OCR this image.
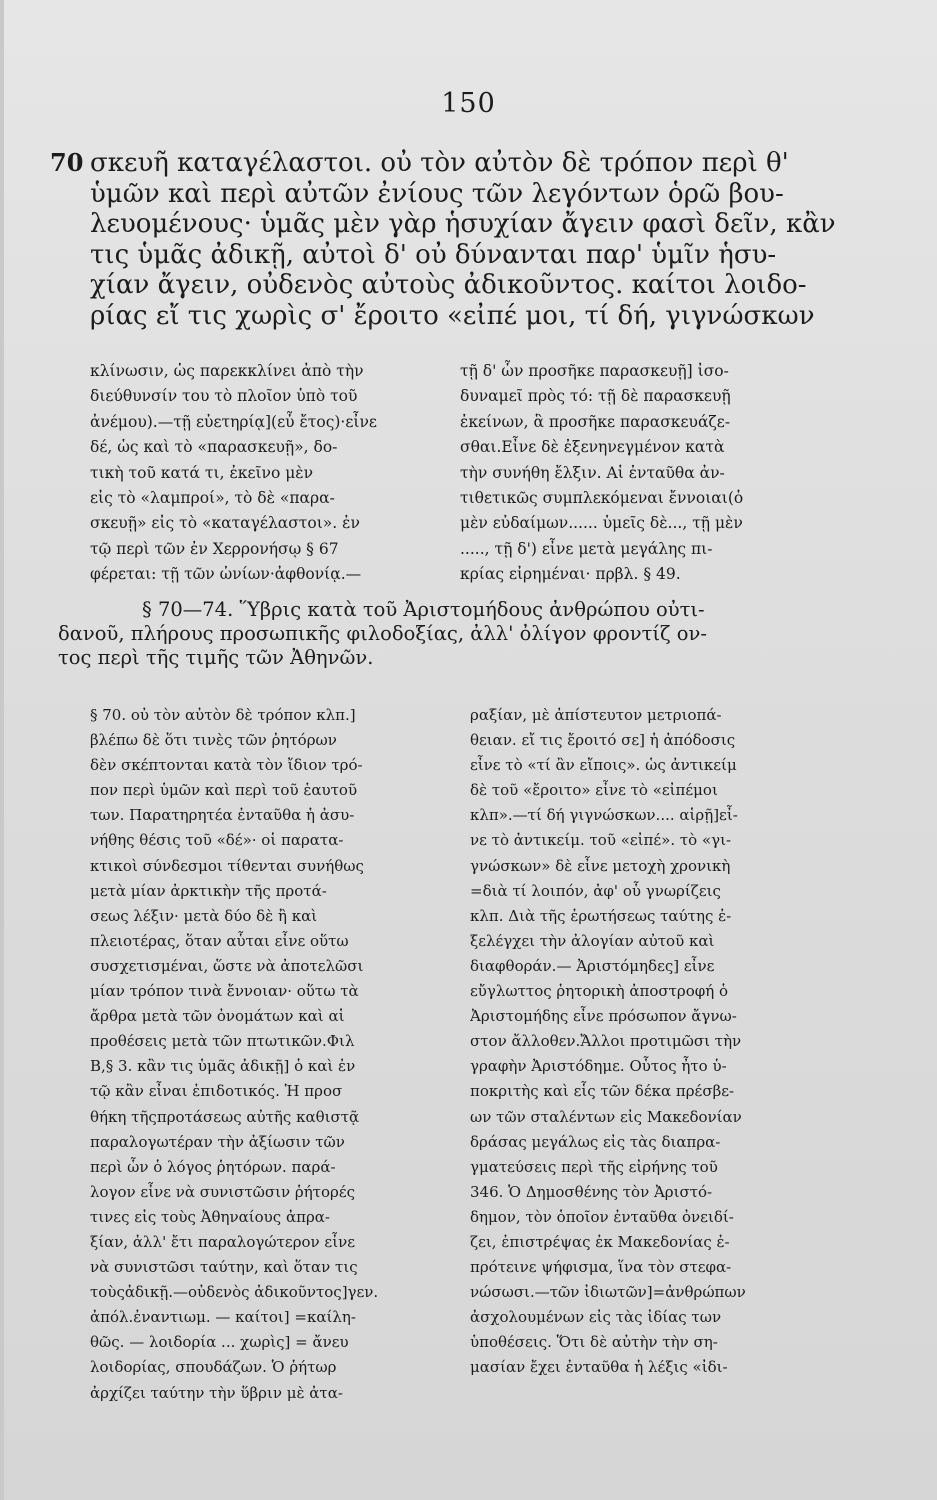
150
70 σκευῆ καταγέλαστοι. οὐ τὸν αὐτὸν δὲ τρόπον περὶ θ'
ὑμῶν καὶ περὶ αὐτῶν ἐνίους τῶν λεγόντων ὁρῶ βου-
λευομένους· ὑμᾶς μὲν γὰρ ἡσυχίαν ἄγειν φασὶ δεῖν, κἂν
τις ὑμᾶς ἀδικῇ, αὐτοὶ δ' οὐ δύνανται παρ' ὑμῖν ἡσυ-
χίαν ἄγειν, οὐδενὸς αὐτοὺς ἀδικοῦντος. καίτοι λοιδο-
ρίας εἴ τις χωρὶς σ' ἔροιτο «εἰπέ μοι, τί δή, γιγνώσκων
κλίνωσιν, ὡς παρεκκλίνει ἀπὸ τὴν
διεύθυνσίν του τὸ πλοῖον ὑπὸ τοῦ
ἀνέμου).—τῇ εὐετηρίᾳ](εὖ ἔτος)·εἶνε
δέ, ὡς καὶ τὸ «παρασκευῇ», δο-
τικὴ τοῦ κατά τι, ἐκεῖνο μὲν
εἰς τὸ «λαμπροί», τὸ δὲ «παρα-
σκευῇ» εἰς τὸ «καταγέλαστοι». ἐν
τῷ περὶ τῶν ἐν Χερρονήσῳ § 67
φέρεται: τῇ τῶν ὠνίων·ἀφθονίᾳ.—
τῇ δ' ὧν προσῆκε παρασκευῇ] ἰσο-
δυναμεῖ πρὸς τό: τῇ δὲ παρασκευῇ
ἐκείνων, ἃ προσῆκε παρασκευάζε-
σθαι.Εἶνε δὲ ἐξενηνεγμένον κατὰ
τὴν συνήθη ἔλξιν. Αἱ ἐνταῦθα ἀν-
τιθετικῶς συμπλεκόμεναι ἔννοιαι(ὁ
μὲν εὐδαίμων...... ὑμεῖς δὲ..., τῇ μὲν
....., τῇ δ') εἶνε μετὰ μεγάλης πι-
κρίας εἰρημέναι· πρβλ. § 49.
§ 70—74. Ὕβρις κατὰ τοῦ Ἀριστομήδους ἀνθρώπου οὐτι-
δανοῦ, πλήρους προσωπικῆς φιλοδοξίας, ἀλλ' ὀλίγον φροντίζ ον-
τος περὶ τῆς τιμῆς τῶν Ἀθηνῶν.
§ 70. οὐ τὸν αὐτὸν δὲ τρόπον κλπ.]
βλέπω δὲ ὅτι τινὲς τῶν ῥητόρων
δὲν σκέπτονται κατὰ τὸν ἴδιον τρό-
πον περὶ ὑμῶν καὶ περὶ τοῦ ἑαυτοῦ
των. Παρατηρητέα ἐνταῦθα ἡ ἀσυ-
νήθης θέσις τοῦ «δέ»· οἱ παρατα-
κτικοὶ σύνδεσμοι τίθενται συνήθως
μετὰ μίαν ἀρκτικὴν τῆς προτά-
σεως λέξιν· μετὰ δύο δὲ ἢ καὶ
πλειοτέρας, ὅταν αὗται εἶνε οὕτω
συσχετισμέναι, ὥστε νὰ ἀποτελῶσι
μίαν τρόπον τινὰ ἔννοιαν· οὕτω τὰ
ἄρθρα μετὰ τῶν ὀνομάτων καὶ αἱ
προθέσεις μετὰ τῶν πτωτικῶν.Φιλ
Β,§ 3. κἂν τις ὑμᾶς ἀδικῇ] ὁ καὶ ἐν
τῷ κἂν εἶναι ἐπιδοτικός. Ἡ προσ
θήκη τῆςπροτάσεως αὐτῆς καθιστᾷ
παραλογωτέραν τὴν ἀξίωσιν τῶν
περὶ ὧν ὁ λόγος ῥητόρων. παρά-
λογον εἶνε νὰ συνιστῶσιν ῥήτορές
τινες εἰς τοὺς Ἀθηναίους ἀπρα-
ξίαν, ἀλλ' ἔτι παραλογώτερον εἶνε
νὰ συνιστῶσι ταύτην, καὶ ὅταν τις
τοὺςἀδικῇ.—οὐδενὸς ἀδικοῦντος]γεν.
ἀπόλ.ἐναντιωμ. — καίτοι] =καίλη-
θῶς. — λοιδορία ... χωρὶς] = ἄνευ
λοιδορίας, σπουδάζων. Ὁ ῥήτωρ
ἀρχίζει ταύτην τὴν ὕβριν μὲ ἀτα-
ραξίαν, μὲ ἀπίστευτον μετριοπά-
θειαν. εἴ τις ἔροιτό σε] ἡ ἀπόδοσις
εἶνε τὸ «τί ἂν εἴποις». ὡς ἀντικείμ
δὲ τοῦ «ἔροιτο» εἶνε τὸ «εἰπέμοι
κλπ».—τί δή γιγνώσκων.... αἱρῇ]εἶ-
νε τὸ ἀντικείμ. τοῦ «εἰπέ». τὸ «γι-
γνώσκων» δὲ εἶνε μετοχὴ χρονικὴ
=διὰ τί λοιπόν, ἀφ' οὗ γνωρίζεις
κλπ. Διὰ τῆς ἐρωτήσεως ταύτης ἐ-
ξελέγχει τὴν ἀλογίαν αὐτοῦ καὶ
διαφθοράν.— Ἀριστόμηδες] εἶνε
εὔγλωττος ῥητορικὴ ἀποστροφή ὁ
Ἀριστομήδης εἶνε πρόσωπον ἄγνω-
στον ἄλλοθεν.Ἄλλοι προτιμῶσι τὴν
γραφὴν Ἀριστόδημε. Οὗτος ἦτο ὑ-
ποκριτὴς καὶ εἷς τῶν δέκα πρέσβε-
ων τῶν σταλέντων εἰς Μακεδονίαν
δράσας μεγάλως εἰς τὰς διαπρα-
γματεύσεις περὶ τῆς εἰρήνης τοῦ
346. Ὁ Δημοσθένης τὸν Ἀριστό-
δημον, τὸν ὁποῖον ἐνταῦθα ὀνειδί-
ζει, ἐπιστρέψας ἐκ Μακεδονίας ἐ-
πρότεινε ψήφισμα, ἵνα τὸν στεφα-
νώσωσι.—τῶν ἰδιωτῶν]=ἀνθρώπων
ἀσχολουμένων εἰς τὰς ἰδίας των
ὑποθέσεις. Ὅτι δὲ αὐτὴν τὴν ση-
μασίαν ἔχει ἐνταῦθα ἡ λέξις «ἰδι-
